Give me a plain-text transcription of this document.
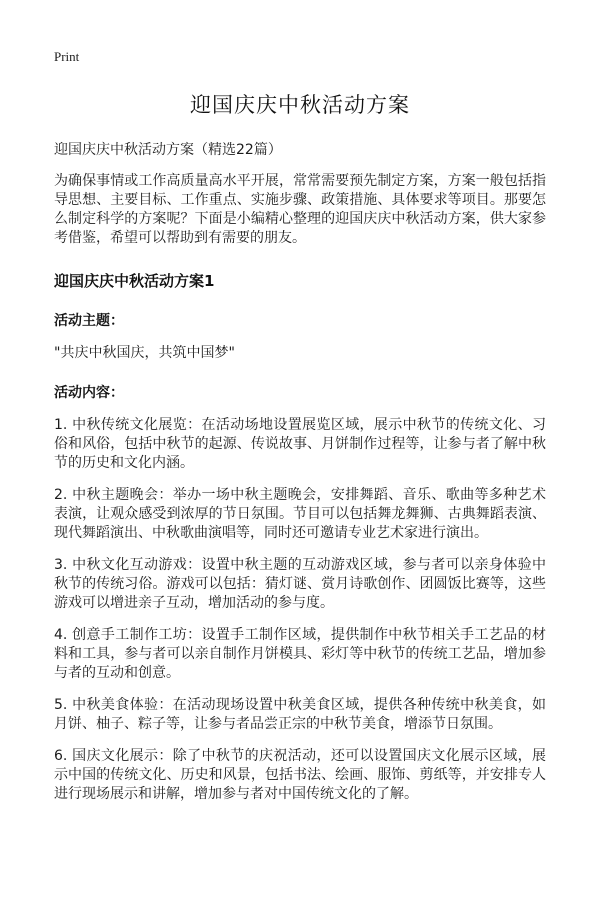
Print
迎国庆庆中秋活动方案
迎国庆庆中秋活动方案（精选22篇）

为确保事情或工作高质量高水平开展，常常需要预先制定方案，方案一般包括指导思想、主要目标、工作重点、实施步骤、政策措施、具体要求等项目。那要怎么制定科学的方案呢？下面是小编精心整理的迎国庆庆中秋活动方案，供大家参考借鉴，希望可以帮助到有需要的朋友。

迎国庆庆中秋活动方案1
活动主题：

"共庆中秋国庆，共筑中国梦"

活动内容：

1. 中秋传统文化展览：在活动场地设置展览区域，展示中秋节的传统文化、习俗和风俗，包括中秋节的起源、传说故事、月饼制作过程等，让参与者了解中秋节的历史和文化内涵。

2. 中秋主题晚会：举办一场中秋主题晚会，安排舞蹈、音乐、歌曲等多种艺术表演，让观众感受到浓厚的节日氛围。节目可以包括舞龙舞狮、古典舞蹈表演、现代舞蹈演出、中秋歌曲演唱等，同时还可邀请专业艺术家进行演出。

3. 中秋文化互动游戏：设置中秋主题的互动游戏区域，参与者可以亲身体验中秋节的传统习俗。游戏可以包括：猜灯谜、赏月诗歌创作、团圆饭比赛等，这些游戏可以增进亲子互动，增加活动的参与度。

4. 创意手工制作工坊：设置手工制作区域，提供制作中秋节相关手工艺品的材料和工具，参与者可以亲自制作月饼模具、彩灯等中秋节的传统工艺品，增加参与者的互动和创意。

5. 中秋美食体验：在活动现场设置中秋美食区域，提供各种传统中秋美食，如月饼、柚子、粽子等，让参与者品尝正宗的中秋节美食，增添节日氛围。

6. 国庆文化展示：除了中秋节的庆祝活动，还可以设置国庆文化展示区域，展示中国的传统文化、历史和风景，包括书法、绘画、服饰、剪纸等，并安排专人进行现场展示和讲解，增加参与者对中国传统文化的了解。
